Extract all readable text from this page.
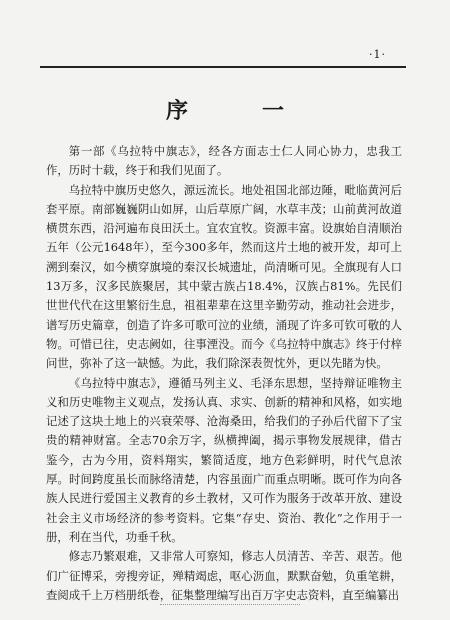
·1·
序　一

第一部《乌拉特中旗志》，经各方面志士仁人同心协力，忠我工作，历时十载，终于和我们见面了。

乌拉特中旗历史悠久，源远流长。地处祖国北部边陲，毗临黄河后套平原。南部巍巍阴山如屏，山后草原广阔，水草丰茂；山前黄河故道横贯东西，沿河遍布良田沃土。宜农宜牧。资源丰富。设旗始自清顺治五年（公元1648年），至今300多年，然而这片土地的被开发，却可上溯到秦汉，如今横穿旗境的秦汉长城遗址，尚清晰可见。全旗现有人口13万多，汉多民族聚居，其中蒙古族占18.4%，汉族占81%。先民们世世代代在这里繁衍生息，祖祖辈辈在这里辛勤劳动，推动社会进步，谱写历史篇章，创造了许多可歌可泣的业绩，涌现了许多可钦可敬的人物。可惜已往，史志阙如，往事湮没。而今《乌拉特中旗志》终于付梓问世，弥补了这一缺憾。为此，我们除深表贺忱外，更以先睹为快。

《乌拉特中旗志》，遵循马列主义、毛泽东思想，坚持辩证唯物主义和历史唯物主义观点，发扬认真、求实、创新的精神和风格，如实地记述了这块土地上的兴衰荣辱、沧海桑田，给我们的子孙后代留下了宝贵的精神财富。全志70余万字，纵横捭阖，揭示事物发展规律，借古鉴今，古为今用，资料翔实，繁简适度，地方色彩鲜明，时代气息浓厚。时间跨度虽长而脉络清楚，内容虽面广而重点明晰。既可作为向各族人民进行爱国主义教育的乡土教材，又可作为服务于改革开放、建设社会主义市场经济的参考资料。它集“存史、资治、教化”之作用于一册，利在当代，功垂千秋。

修志乃繁艰难，又非常人可察知，修志人员清苦、辛苦、艰苦。他们广征博采，旁搜旁证，殚精竭虑，呕心沥血，默默奋勉，负重笔耕，查阅成千上万档册纸卷，征集整理编写出百万字史志资料，直至编纂出
